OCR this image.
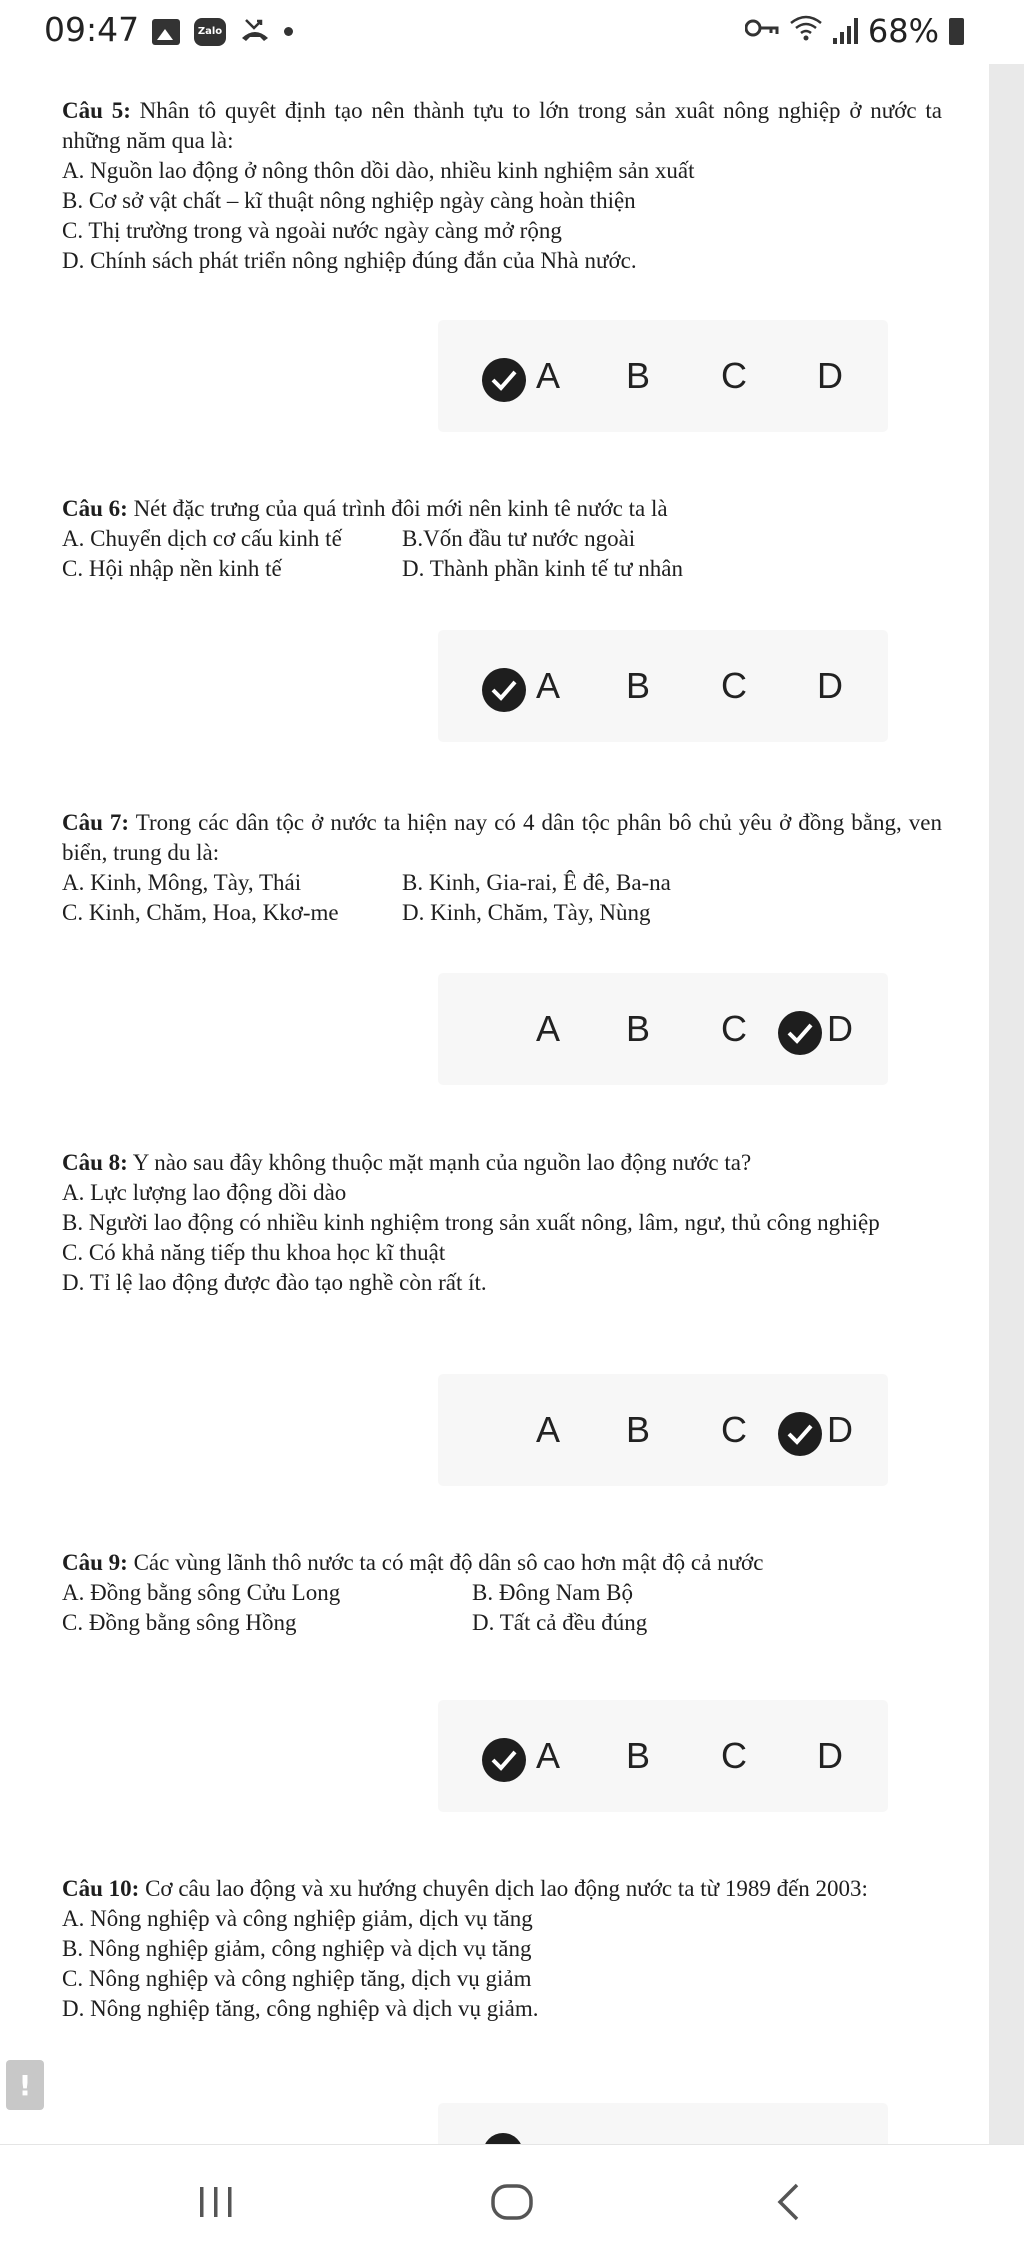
09:47	Zalo	68%

Câu 5: Nhân tô quyêt định tạo nên thành tựu to lớn trong sản xuât nông nghiệp ở nước ta những năm qua là:

A. Nguồn lao động ở nông thôn dồi dào, nhiều kinh nghiệm sản xuất

B. Cơ sở vật chất – kĩ thuật nông nghiệp ngày càng hoàn thiện

C. Thị trường trong và ngoài nước ngày càng mở rộng

D. Chính sách phát triển nông nghiệp đúng đắn của Nhà nước.

A	B	C	D

Câu 6: Nét đặc trưng của quá trình đôi mới nên kinh tê nước ta là

A. Chuyển dịch cơ cấu kinh tế	B.Vốn đầu tư nước ngoài
C. Hội nhập nền kinh tế	D. Thành phần kinh tế tư nhân
A	B	C	D

Câu 7: Trong các dân tộc ở nước ta hiện nay có 4 dân tộc phân bô chủ yêu ở đồng bằng, ven biển, trung du là:

A. Kinh, Mông, Tày, Thái	B. Kinh, Gia-rai, Ê đê, Ba-na
C. Kinh, Chăm, Hoa, Kkơ-me	D. Kinh, Chăm, Tày, Nùng
A	B	C	D

Câu 8: Y nào sau đây không thuộc mặt mạnh của nguồn lao động nước ta?

A. Lực lượng lao động dồi dào

B. Người lao động có nhiều kinh nghiệm trong sản xuất nông, lâm, ngư, thủ công nghiệp

C. Có khả năng tiếp thu khoa học kĩ thuật

D. Tỉ lệ lao động được đào tạo nghề còn rất ít.

A	B	C	D

Câu 9: Các vùng lãnh thô nước ta có mật độ dân sô cao hơn mật độ cả nước

A. Đồng bằng sông Cửu Long	B. Đông Nam Bộ
C. Đồng bằng sông Hồng	D. Tất cả đều đúng
A	B	C	D

Câu 10: Cơ câu lao động và xu hướng chuyên dịch lao động nước ta từ 1989 đến 2003:

A. Nông nghiệp và công nghiệp giảm, dịch vụ tăng

B. Nông nghiệp giảm, công nghiệp và dịch vụ tăng

C. Nông nghiệp và công nghiệp tăng, dịch vụ giảm

D. Nông nghiệp tăng, công nghiệp và dịch vụ giảm.

!
